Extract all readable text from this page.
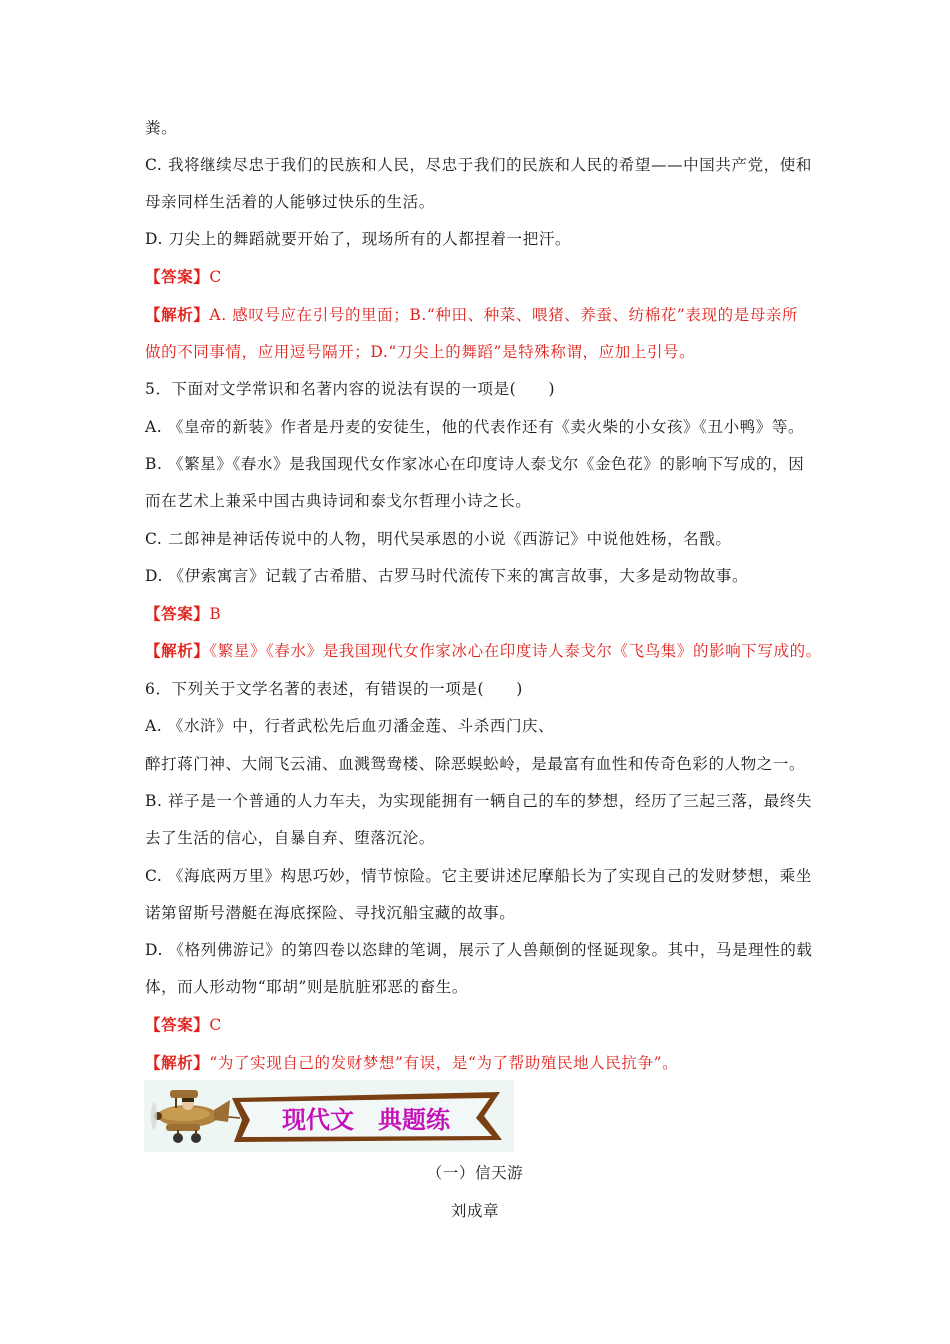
粪。
C. 我将继续尽忠于我们的民族和人民，尽忠于我们的民族和人民的希望——中国共产党，使和
母亲同样生活着的人能够过快乐的生活。
D. 刀尖上的舞蹈就要开始了，现场所有的人都捏着一把汗。
【答案】C
【解析】A. 感叹号应在引号的里面；B.“种田、种菜、喂猪、养蚕、纺棉花”表现的是母亲所
做的不同事情，应用逗号隔开；D.“刀尖上的舞蹈”是特殊称谓，应加上引号。
5．下面对文学常识和名著内容的说法有误的一项是(　　)
A. 《皇帝的新装》作者是丹麦的安徒生，他的代表作还有《卖火柴的小女孩》《丑小鸭》等。
B. 《繁星》《春水》是我国现代女作家冰心在印度诗人泰戈尔《金色花》的影响下写成的，因
而在艺术上兼采中国古典诗词和泰戈尔哲理小诗之长。
C. 二郎神是神话传说中的人物，明代吴承恩的小说《西游记》中说他姓杨，名戬。
D. 《伊索寓言》记载了古希腊、古罗马时代流传下来的寓言故事，大多是动物故事。
【答案】B
【解析】《繁星》《春水》是我国现代女作家冰心在印度诗人泰戈尔《飞鸟集》的影响下写成的。
6．下列关于文学名著的表述，有错误的一项是(　　)
A. 《水浒》中，行者武松先后血刃潘金莲、斗杀西门庆、
醉打蒋门神、大闹飞云浦、血溅鸳鸯楼、除恶蜈蚣岭，是最富有血性和传奇色彩的人物之一。
B. 祥子是一个普通的人力车夫，为实现能拥有一辆自己的车的梦想，经历了三起三落，最终失
去了生活的信心，自暴自弃、堕落沉沦。
C. 《海底两万里》构思巧妙，情节惊险。它主要讲述尼摩船长为了实现自己的发财梦想，乘坐
诺第留斯号潜艇在海底探险、寻找沉船宝藏的故事。
D. 《格列佛游记》的第四卷以恣肆的笔调，展示了人兽颠倒的怪诞现象。其中，马是理性的载
体，而人形动物“耶胡”则是肮脏邪恶的畜生。
【答案】C
【解析】“为了实现自己的发财梦想”有误，是“为了帮助殖民地人民抗争”。
现代文　典题练
（一）信天游
刘成章
